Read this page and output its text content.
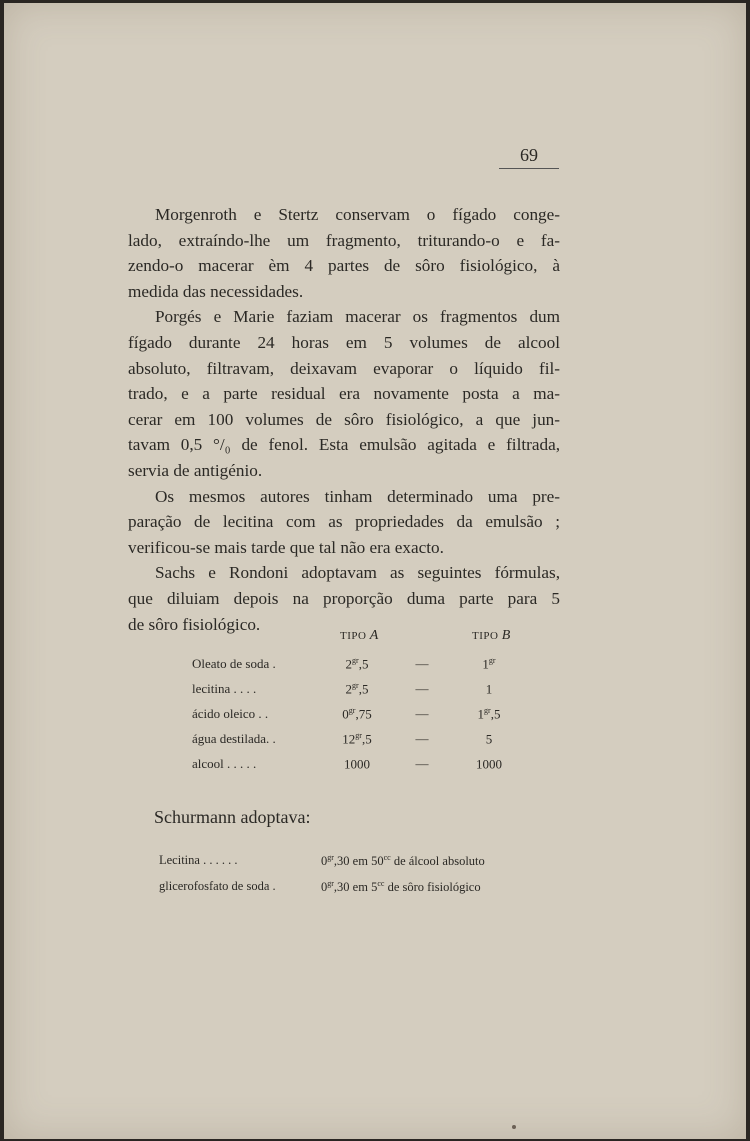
69

Morgenroth e Stertz conservam o fígado conge-
lado, extraíndo-lhe um fragmento, triturando-o e fa-
zendo-o macerar èm 4 partes de sôro fisiológico, à
medida das necessidades.

Porgés e Marie faziam macerar os fragmentos dum
fígado durante 24 horas em 5 volumes de alcool
absoluto, filtravam, deixavam evaporar o líquido fil-
trado, e a parte residual era novamente posta a ma-
cerar em 100 volumes de sôro fisiológico, a que jun-
tavam 0,5 °/₀ de fenol. Esta emulsão agitada e filtrada,
servia de antigénio.

Os mesmos autores tinham determinado uma pre-
paração de lecitina com as propriedades da emulsão ;
verificou-se mais tarde que tal não era exacto.

Sachs e Rondoni adoptavam as seguintes fórmulas,
que diluiam depois na proporção duma parte para 5
de sôro fisiológico.

TIPO A	TIPO B
Oleato de soda .	$2^{gr},5$	—	$1^{gr}$
lecitina . . . .	$2^{gr},5$	—	1
ácido oleico . .	$0^{gr},75$	—	$1^{gr},5$
água destilada. .	$12^{gr},5$	—	5
alcool . . . . .	1000	—	1000
Schurmann adoptava:
Lecitina . . . . . .	$0^{gr},30$ em $50^{cc}$ de álcool absoluto
glicerofosfato de soda .	$0^{gr},30$ em $5^{cc}$ de sôro fisiológico
